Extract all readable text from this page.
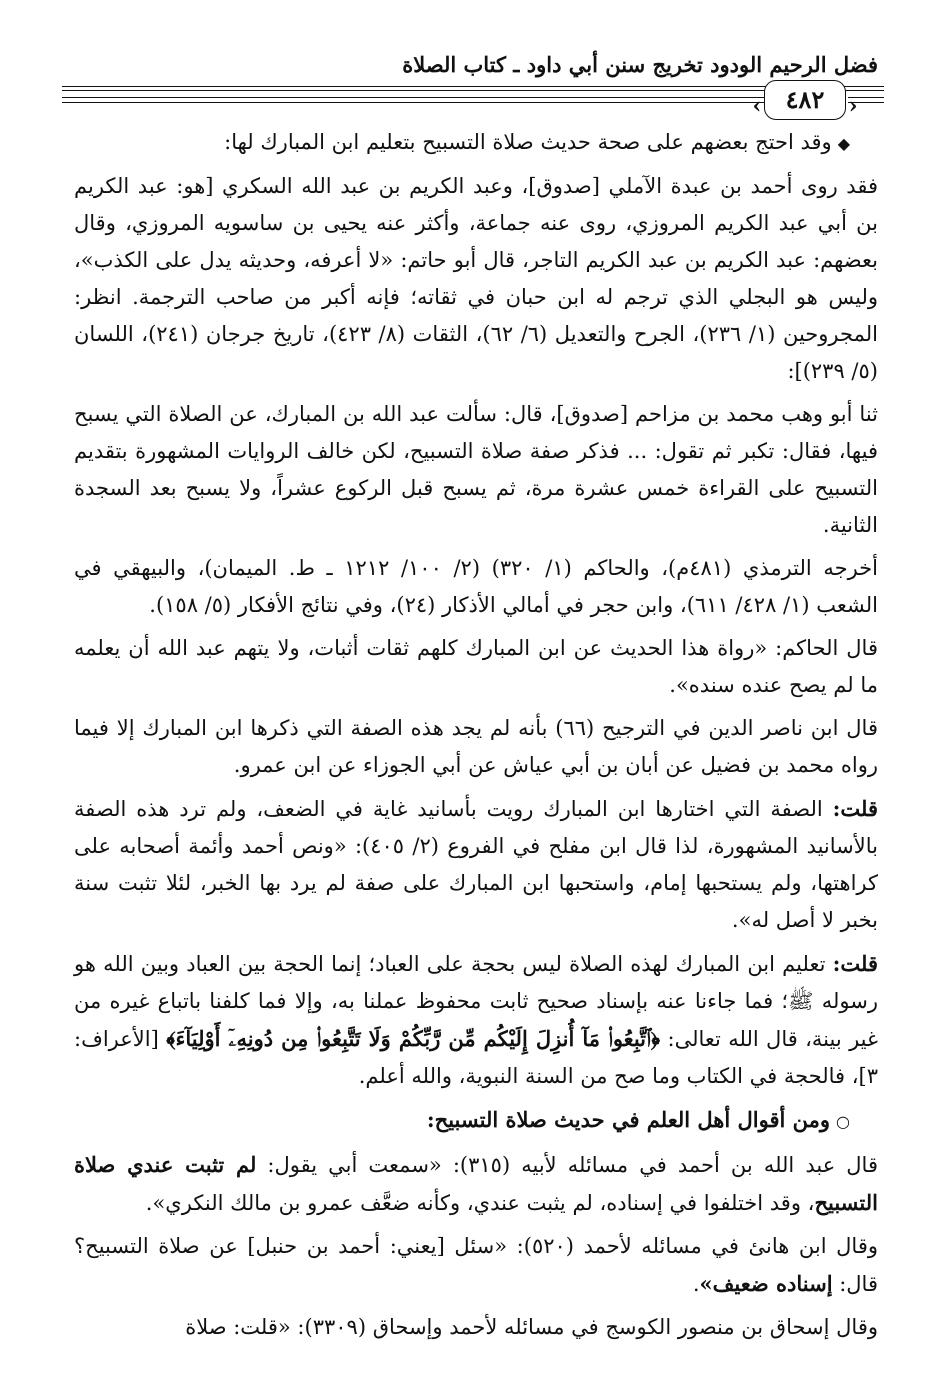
فضل الرحيم الودود تخريج سنن أبي داود ـ كتاب الصلاة
‹ ٤٨٢ ›

◆وقد احتج بعضهم على صحة حديث صلاة التسبيح بتعليم ابن المبارك لها:

فقد روى أحمد بن عبدة الآملي [صدوق]، وعبد الكريم بن عبد الله السكري [هو: عبد الكريم بن أبي عبد الكريم المروزي، روى عنه جماعة، وأكثر عنه يحيى بن ساسويه المروزي، وقال بعضهم: عبد الكريم بن عبد الكريم التاجر، قال أبو حاتم: «لا أعرفه، وحديثه يدل على الكذب»، وليس هو البجلي الذي ترجم له ابن حبان في ثقاته؛ فإنه أكبر من صاحب الترجمة. انظر: المجروحين (١/ ٢٣٦)، الجرح والتعديل (٦/ ٦٢)، الثقات (٨/ ٤٢٣)، تاريخ جرجان (٢٤١)، اللسان (٥/ ٢٣٩)]:

ثنا أبو وهب محمد بن مزاحم [صدوق]، قال: سألت عبد الله بن المبارك، عن الصلاة التي يسبح فيها، فقال: تكبر ثم تقول: ... فذكر صفة صلاة التسبيح، لكن خالف الروايات المشهورة بتقديم التسبيح على القراءة خمس عشرة مرة، ثم يسبح قبل الركوع عشراً، ولا يسبح بعد السجدة الثانية.

أخرجه الترمذي (٤٨١م)، والحاكم (١/ ٣٢٠) (٢/ ١٠٠/ ١٢١٢ ـ ط. الميمان)، والبيهقي في الشعب (١/ ٤٢٨/ ٦١١)، وابن حجر في أمالي الأذكار (٢٤)، وفي نتائج الأفكار (٥/ ١٥٨).

قال الحاكم: «رواة هذا الحديث عن ابن المبارك كلهم ثقات أثبات، ولا يتهم عبد الله أن يعلمه ما لم يصح عنده سنده».

قال ابن ناصر الدين في الترجيح (٦٦) بأنه لم يجد هذه الصفة التي ذكرها ابن المبارك إلا فيما رواه محمد بن فضيل عن أبان بن أبي عياش عن أبي الجوزاء عن ابن عمرو.

قلت: الصفة التي اختارها ابن المبارك رويت بأسانيد غاية في الضعف، ولم ترد هذه الصفة بالأسانيد المشهورة، لذا قال ابن مفلح في الفروع (٢/ ٤٠٥): «ونص أحمد وأئمة أصحابه على كراهتها، ولم يستحبها إمام، واستحبها ابن المبارك على صفة لم يرد بها الخبر، لئلا تثبت سنة بخبر لا أصل له».

قلت: تعليم ابن المبارك لهذه الصلاة ليس بحجة على العباد؛ إنما الحجة بين العباد وبين الله هو رسوله ﷺ؛ فما جاءنا عنه بإسناد صحيح ثابت محفوظ عملنا به، وإلا فما كلفنا باتباع غيره من غير بينة، قال الله تعالى: ﴿ٱتَّبِعُوا۟ مَآ أُنزِلَ إِلَيْكُم مِّن رَّبِّكُمْ وَلَا تَتَّبِعُوا۟ مِن دُونِهِۦٓ أَوْلِيَآءَ﴾ [الأعراف: ٣]، فالحجة في الكتاب وما صح من السنة النبوية، والله أعلم.

○ومن أقوال أهل العلم في حديث صلاة التسبيح:

قال عبد الله بن أحمد في مسائله لأبيه (٣١٥): «سمعت أبي يقول: لم تثبت عندي صلاة التسبيح، وقد اختلفوا في إسناده، لم يثبت عندي، وكأنه ضعَّف عمرو بن مالك النكري».

وقال ابن هانئ في مسائله لأحمد (٥٢٠): «سئل [يعني: أحمد بن حنبل] عن صلاة التسبيح؟ قال: إسناده ضعيف».

وقال إسحاق بن منصور الكوسج في مسائله لأحمد وإسحاق (٣٣٠٩): «قلت: صلاة
